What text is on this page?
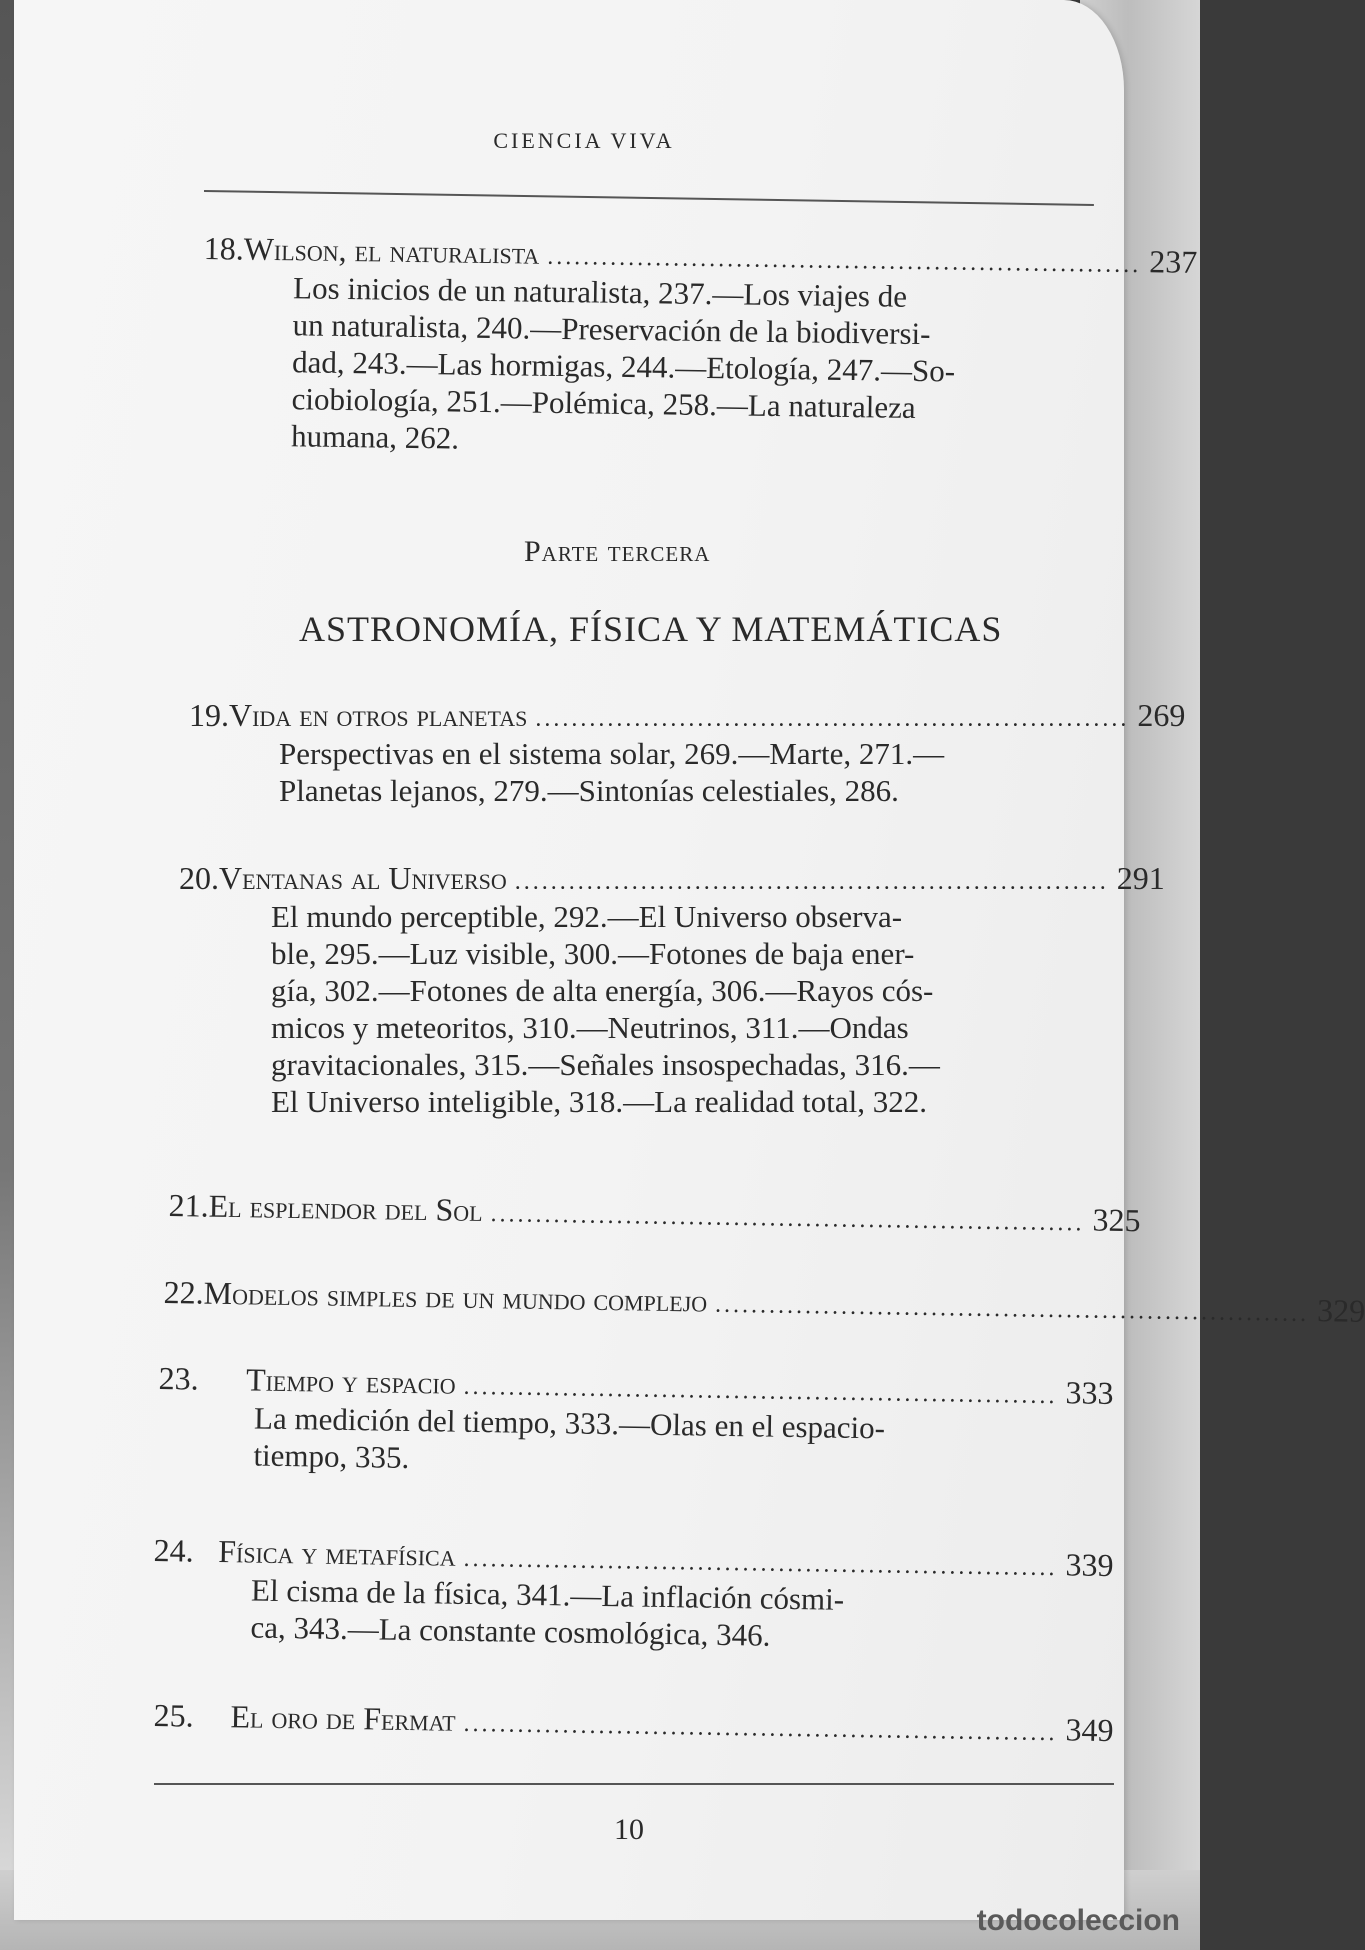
CIENCIA VIVA
18. Wilson, el naturalista .................................................................. 237
Los inicios de un naturalista, 237.—Los viajes de
un naturalista, 240.—Preservación de la biodiversi-
dad, 243.—Las hormigas, 244.—Etología, 247.—So-
ciobiología, 251.—Polémica, 258.—La naturaleza
humana, 262.
Parte tercera
ASTRONOMÍA, FÍSICA Y MATEMÁTICAS
19. Vida en otros planetas .................................................................. 269
Perspectivas en el sistema solar, 269.—Marte, 271.—
Planetas lejanos, 279.—Sintonías celestiales, 286.
20. Ventanas al Universo .................................................................. 291
El mundo perceptible, 292.—El Universo observa-
ble, 295.—Luz visible, 300.—Fotones de baja ener-
gía, 302.—Fotones de alta energía, 306.—Rayos cós-
micos y meteoritos, 310.—Neutrinos, 311.—Ondas
gravitacionales, 315.—Señales insospechadas, 316.—
El Universo inteligible, 318.—La realidad total, 322.
21. El esplendor del Sol .................................................................. 325
22. Modelos simples de un mundo complejo .................................................................. 329
23.	Tiempo y espacio .................................................................. 333
La medición del tiempo, 333.—Olas en el espacio-
tiempo, 335.
24. Física y metafísica .................................................................. 339
El cisma de la física, 341.—La inflación cósmi-
ca, 343.—La constante cosmológica, 346.
25.	El oro de Fermat .................................................................. 349
10
todocoleccion
